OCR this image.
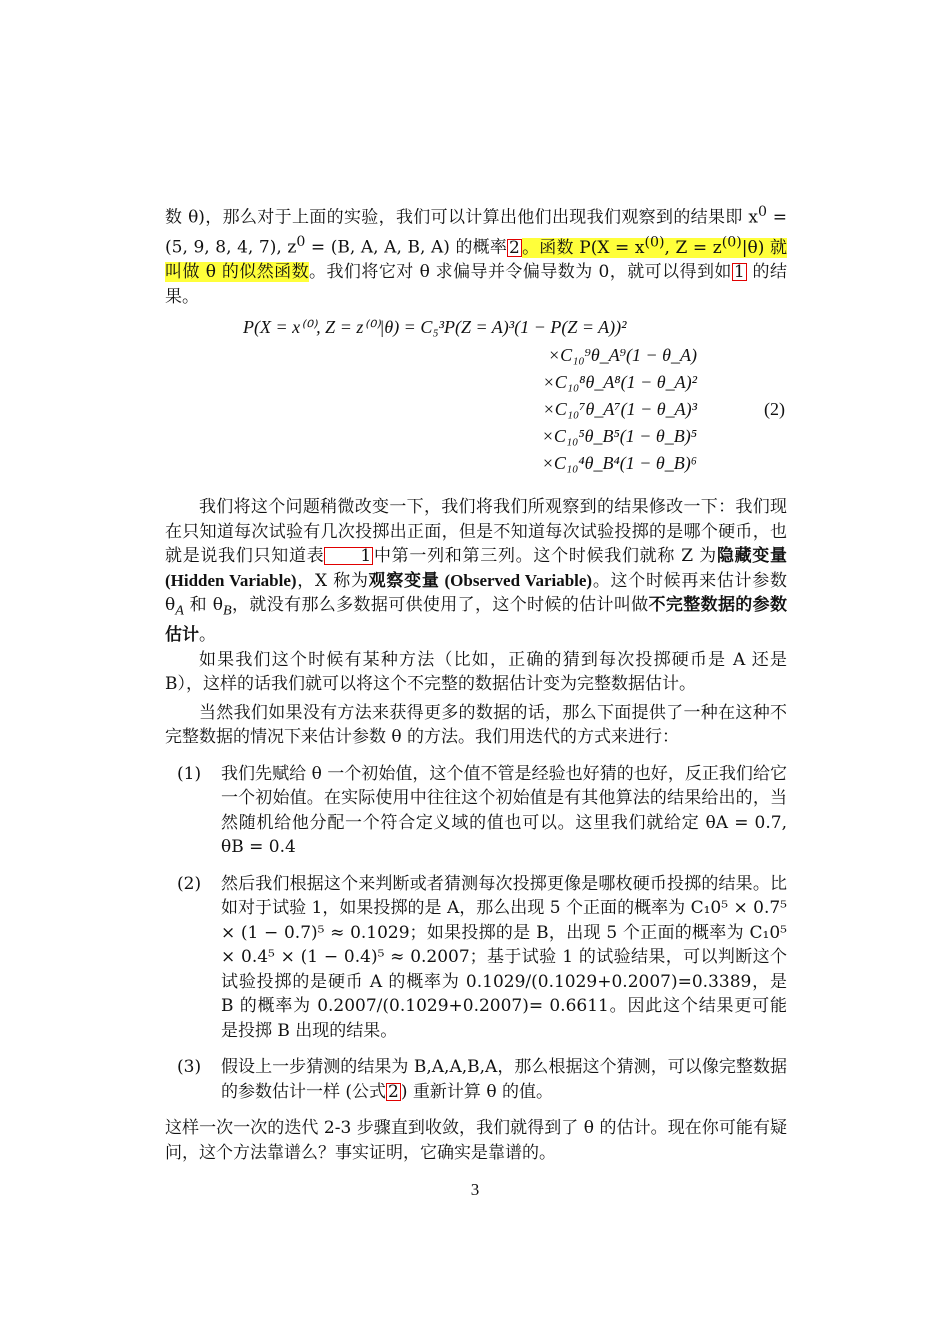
数 θ)，那么对于上面的实验，我们可以计算出他们出现我们观察到的结果即 $x^0 = (5$, 9, 8, 4, 7), $z^0 = (B$, A, A, B, A) 的概率 2 。函数 $P(X = x^{(0)}$, $Z = z^{(0)}|\theta$) 就叫做 θ 的似然函数。我们将它对 θ 求偏导并令偏导数为 0，就可以得到如 1 的结果。

P(X = x⁽⁰⁾, Z = z⁽⁰⁾|θ) = C₅³P(Z = A)³(1 − P(Z = A))²
×C₁₀⁹θ_A⁹(1 − θ_A)
×C₁₀⁸θ_A⁸(1 − θ_A)²
×C₁₀⁷θ_A⁷(1 − θ_A)³
×C₁₀⁵θ_B⁵(1 − θ_B)⁵
×C₁₀⁴θ_B⁴(1 − θ_B)⁶
(2)

我们将这个问题稍微改变一下，我们将我们所观察到的结果修改一下：我们现在只知道每次试验有几次投掷出正面，但是不知道每次试验投掷的是哪个硬币，也就是说我们只知道表 1 中第一列和第三列。这个时候我们就称 Z 为隐藏变量 (Hidden Variable)，X 称为观察变量 (Observed Variable)。这个时候再来估计参数 $\theta_A$ 和 $\theta_B$，就没有那么多数据可供使用了，这个时候的估计叫做不完整数据的参数估计。

如果我们这个时候有某种方法（比如，正确的猜到每次投掷硬币是 A 还是 B），这样的话我们就可以将这个不完整的数据估计变为完整数据估计。

当然我们如果没有方法来获得更多的数据的话，那么下面提供了一种在这种不完整数据的情况下来估计参数 θ 的方法。我们用迭代的方式来进行：

(1)	我们先赋给 θ 一个初始值，这个值不管是经验也好猜的也好，反正我们给它一个初始值。在实际使用中往往这个初始值是有其他算法的结果给出的，当然随机给他分配一个符合定义域的值也可以。这里我们就给定 θA = 0.7, θB = 0.4
(2)	然后我们根据这个来判断或者猜测每次投掷更像是哪枚硬币投掷的结果。比如对于试验 1，如果投掷的是 A，那么出现 5 个正面的概率为 C₁0⁵ × 0.7⁵ × (1 − 0.7)⁵ ≈ 0.1029；如果投掷的是 B，出现 5 个正面的概率为 C₁0⁵ × 0.4⁵ × (1 − 0.4)⁵ ≈ 0.2007；基于试验 1 的试验结果，可以判断这个试验投掷的是硬币 A 的概率为 0.1029/(0.1029+0.2007)=0.3389，是 B 的概率为 0.2007/(0.1029+0.2007)= 0.6611。因此这个结果更可能是投掷 B 出现的结果。
(3)	假设上一步猜测的结果为 B,A,A,B,A，那么根据这个猜测，可以像完整数据的参数估计一样 (公式 2 ) 重新计算 θ 的值。

这样一次一次的迭代 2-3 步骤直到收敛，我们就得到了 θ 的估计。现在你可能有疑问，这个方法靠谱么？事实证明，它确实是靠谱的。

3
